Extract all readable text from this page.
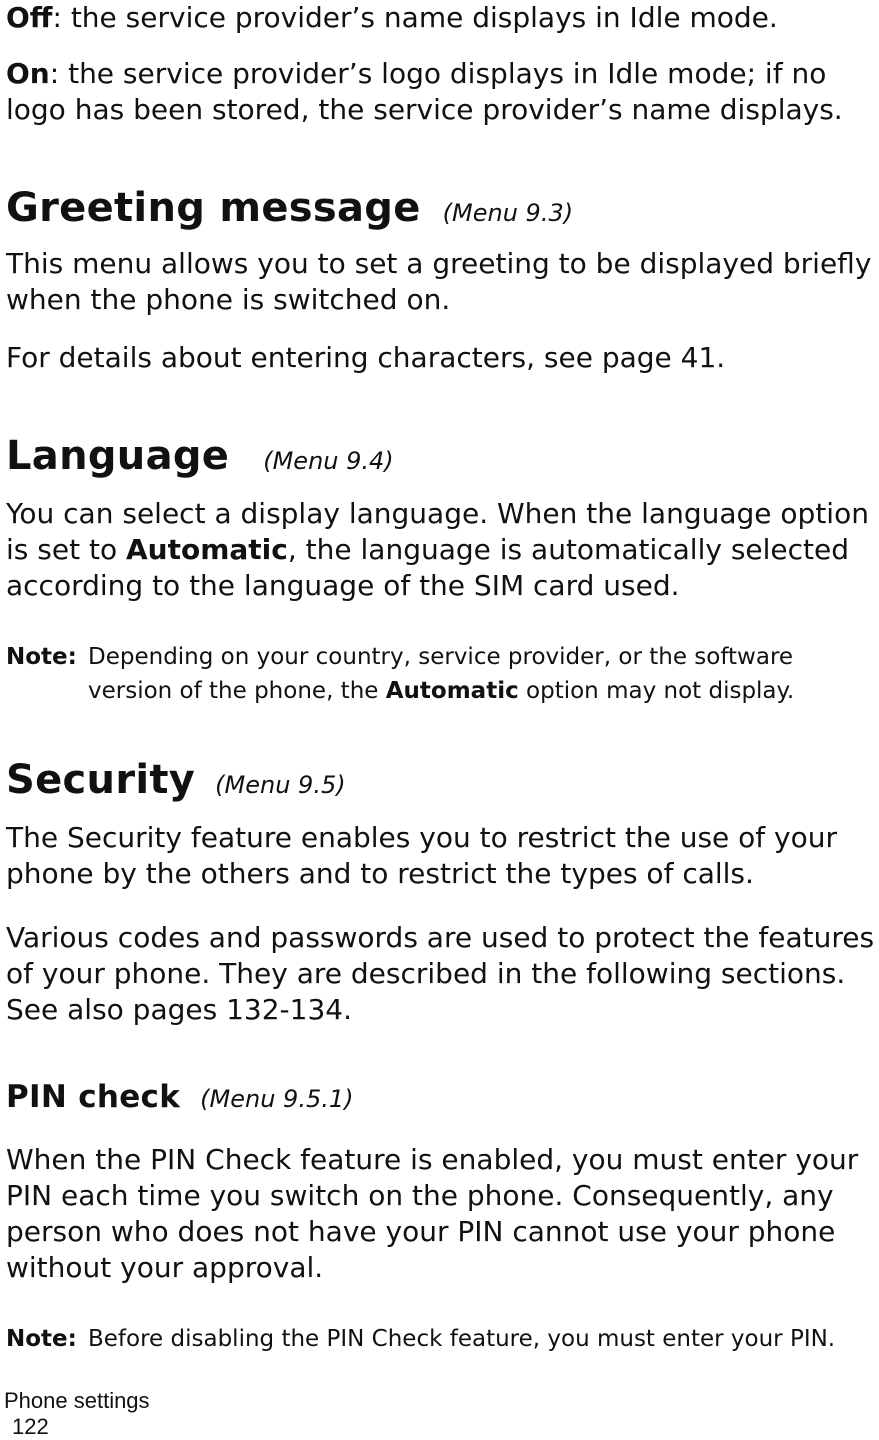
Off: the service provider’s name displays in Idle mode.

On: the service provider’s logo displays in Idle mode; if no logo has been stored, the service provider’s name displays.

Greeting message (Menu 9.3)

This menu allows you to set a greeting to be displayed briefly when the phone is switched on.

For details about entering characters, see page 41.

Language (Menu 9.4)

You can select a display language. When the language option is set to Automatic, the language is automatically selected according to the language of the SIM card used.

Note: Depending on your country, service provider, or the software version of the phone, the Automatic option may not display.
Security (Menu 9.5)

The Security feature enables you to restrict the use of your phone by the others and to restrict the types of calls.

Various codes and passwords are used to protect the features of your phone. They are described in the following sections. See also pages 132-134.

PIN check (Menu 9.5.1)

When the PIN Check feature is enabled, you must enter your PIN each time you switch on the phone. Consequently, any person who does not have your PIN cannot use your phone without your approval.

Note: Before disabling the PIN Check feature, you must enter your PIN.
Phone settings
122
